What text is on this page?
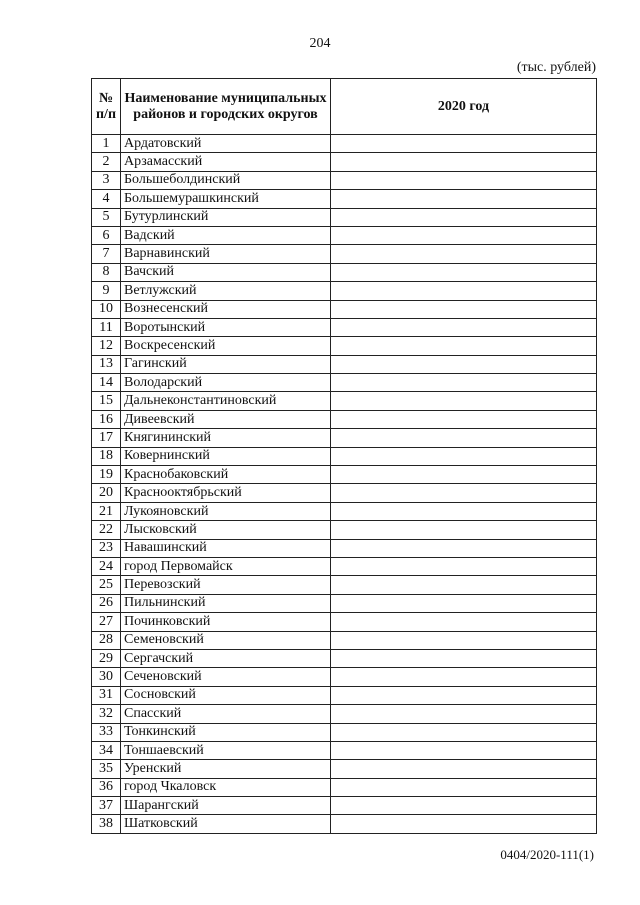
204
(тыс. рублей)
№ п/п	Наименование муниципальных районов и городских округов	2020 год
1	Ардатовский	
2	Арзамасский	
3	Большеболдинский	
4	Большемурашкинский	
5	Бутурлинский	
6	Вадский	
7	Варнавинский	
8	Вачский	
9	Ветлужский	
10	Вознесенский	
11	Воротынский	
12	Воскресенский	
13	Гагинский	
14	Володарский	
15	Дальнеконстантиновский	
16	Дивеевский	
17	Княгининский	
18	Ковернинский	
19	Краснобаковский	
20	Краснооктябрьский	
21	Лукояновский	
22	Лысковский	
23	Навашинский	
24	город Первомайск	
25	Перевозский	
26	Пильнинский	
27	Починковский	
28	Семеновский	
29	Сергачский	
30	Сеченовский	
31	Сосновский	
32	Спасский	
33	Тонкинский	
34	Тоншаевский	
35	Уренский	
36	город Чкаловск	
37	Шарангский	
38	Шатковский	
0404/2020-111(1)
